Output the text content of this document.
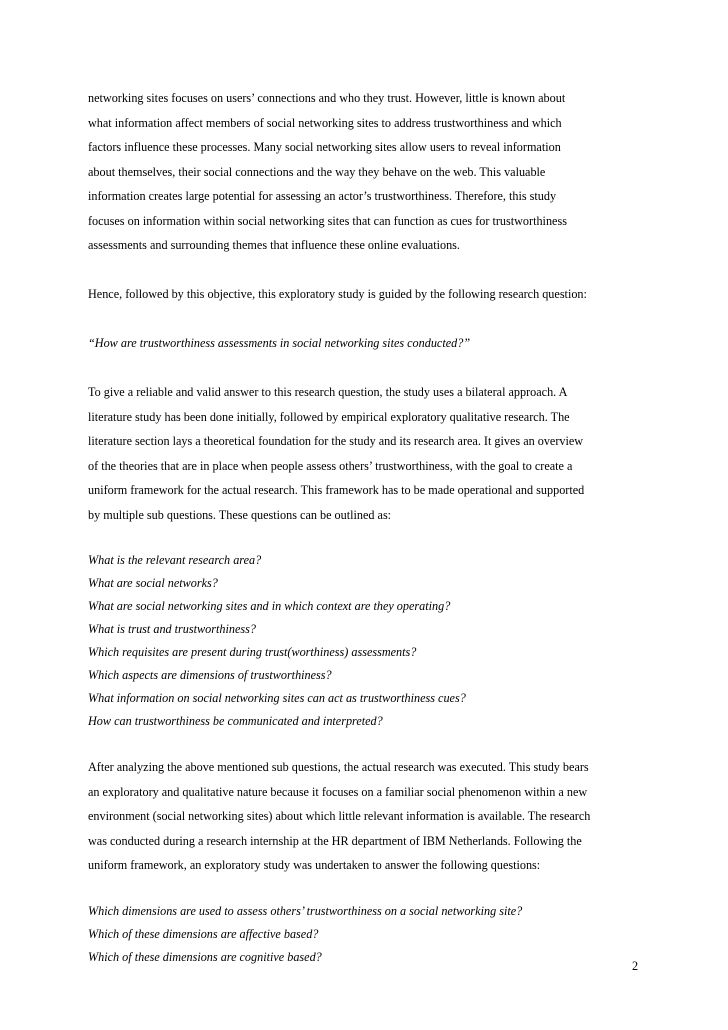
networking sites focuses on users’ connections and who they trust. However, little is known about
what information affect members of social networking sites to address trustworthiness and which
factors influence these processes. Many social networking sites allow users to reveal information
about themselves, their social connections and the way they behave on the web. This valuable
information creates large potential for assessing an actor’s trustworthiness. Therefore, this study
focuses on information within social networking sites that can function as cues for trustworthiness
assessments and surrounding themes that influence these online evaluations.
Hence, followed by this objective, this exploratory study is guided by the following research question:
“How are trustworthiness assessments in social networking sites conducted?”
To give a reliable and valid answer to this research question, the study uses a bilateral approach. A
literature study has been done initially, followed by empirical exploratory qualitative research. The
literature section lays a theoretical foundation for the study and its research area. It gives an overview
of the theories that are in place when people assess others’ trustworthiness, with the goal to create a
uniform framework for the actual research. This framework has to be made operational and supported
by multiple sub questions. These questions can be outlined as:
What is the relevant research area?
What are social networks?
What are social networking sites and in which context are they operating?
What is trust and trustworthiness?
Which requisites are present during trust(worthiness) assessments?
Which aspects are dimensions of trustworthiness?
What information on social networking sites can act as trustworthiness cues?
How can trustworthiness be communicated and interpreted?
After analyzing the above mentioned sub questions, the actual research was executed. This study bears
an exploratory and qualitative nature because it focuses on a familiar social phenomenon within a new
environment (social networking sites) about which little relevant information is available. The research
was conducted during a research internship at the HR department of IBM Netherlands. Following the
uniform framework, an exploratory study was undertaken to answer the following questions:
Which dimensions are used to assess others’ trustworthiness on a social networking site?
Which of these dimensions are affective based?
Which of these dimensions are cognitive based?
2
